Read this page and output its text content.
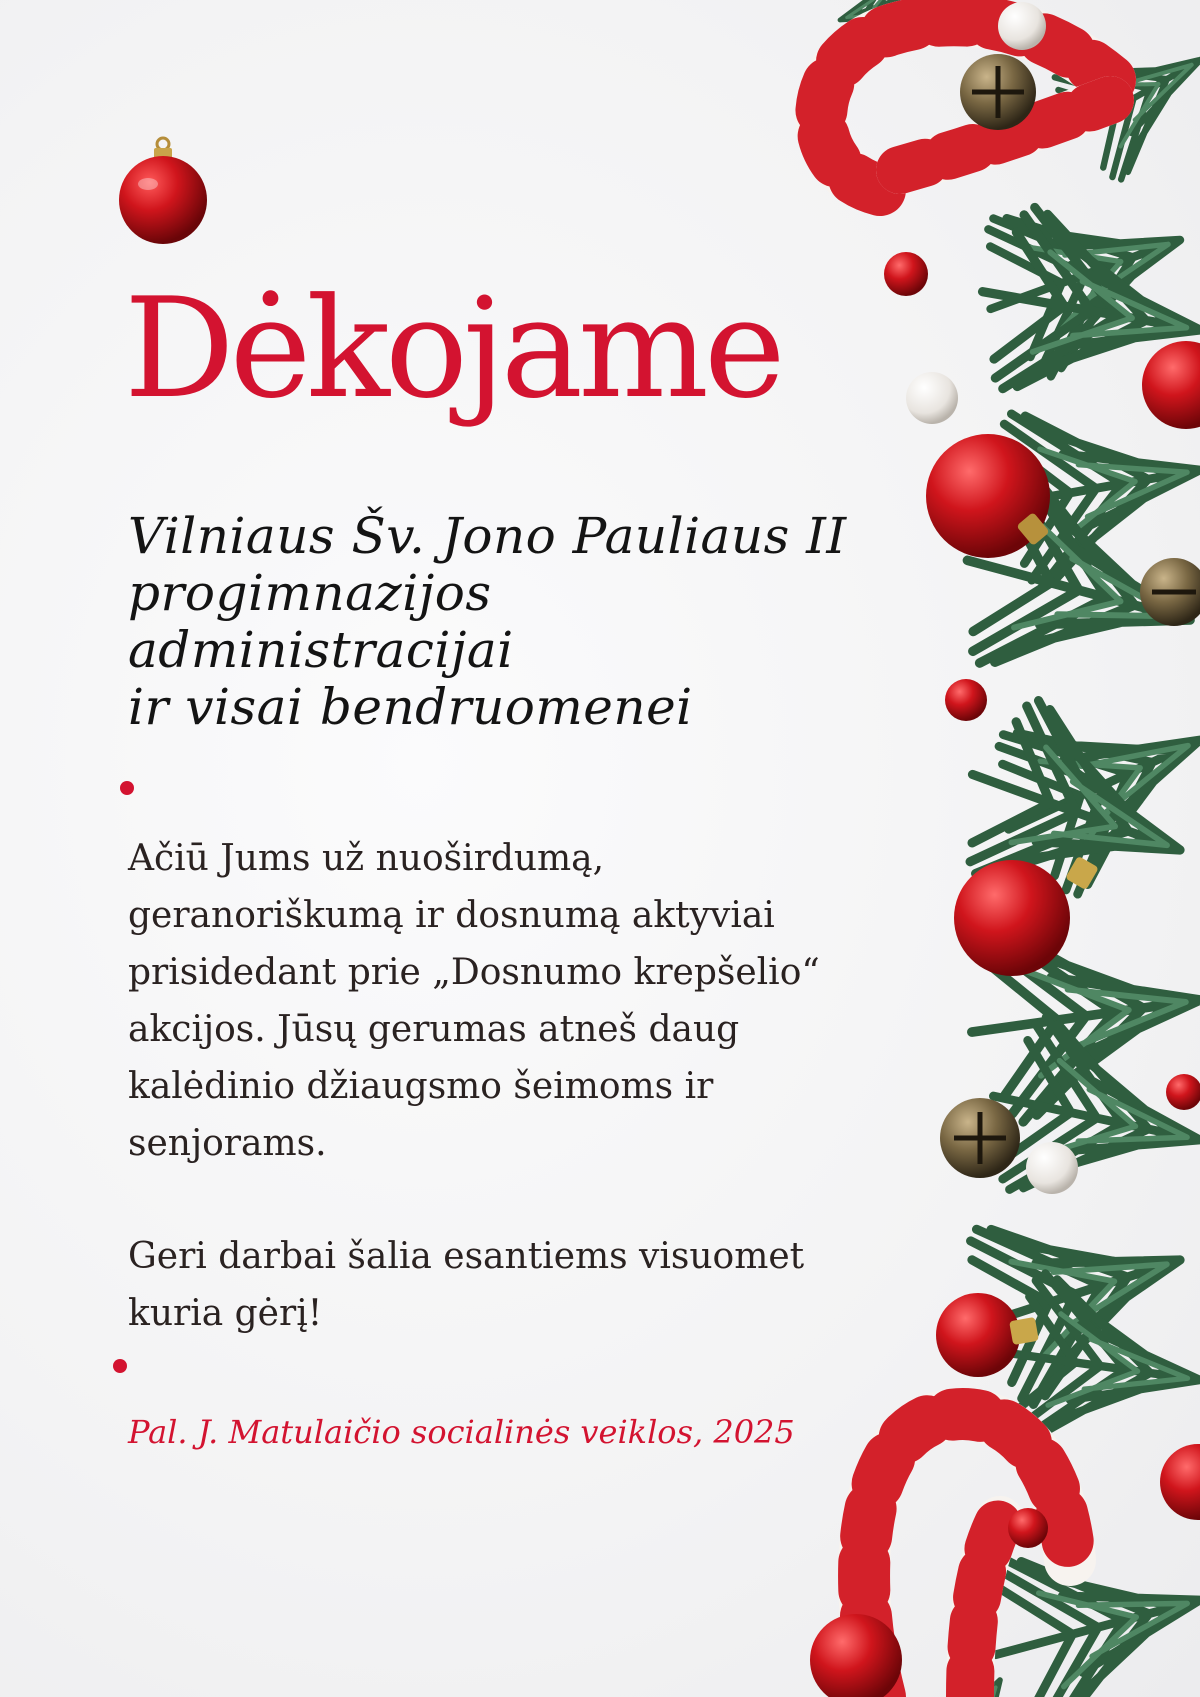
Dėkojame
Vilniaus Šv. Jono Pauliaus II
progimnazijos
administracijai
ir visai bendruomenei

Ačiū Jums už nuoširdumą,
geranoriškumą ir dosnumą aktyviai
prisidedant prie „Dosnumo krepšelio“
akcijos. Jūsų gerumas atneš daug
kalėdinio džiaugsmo šeimoms ir
senjorams.

Geri darbai šalia esantiems visuomet
kuria gėrį!

Pal. J. Matulaičio socialinės veiklos, 2025
